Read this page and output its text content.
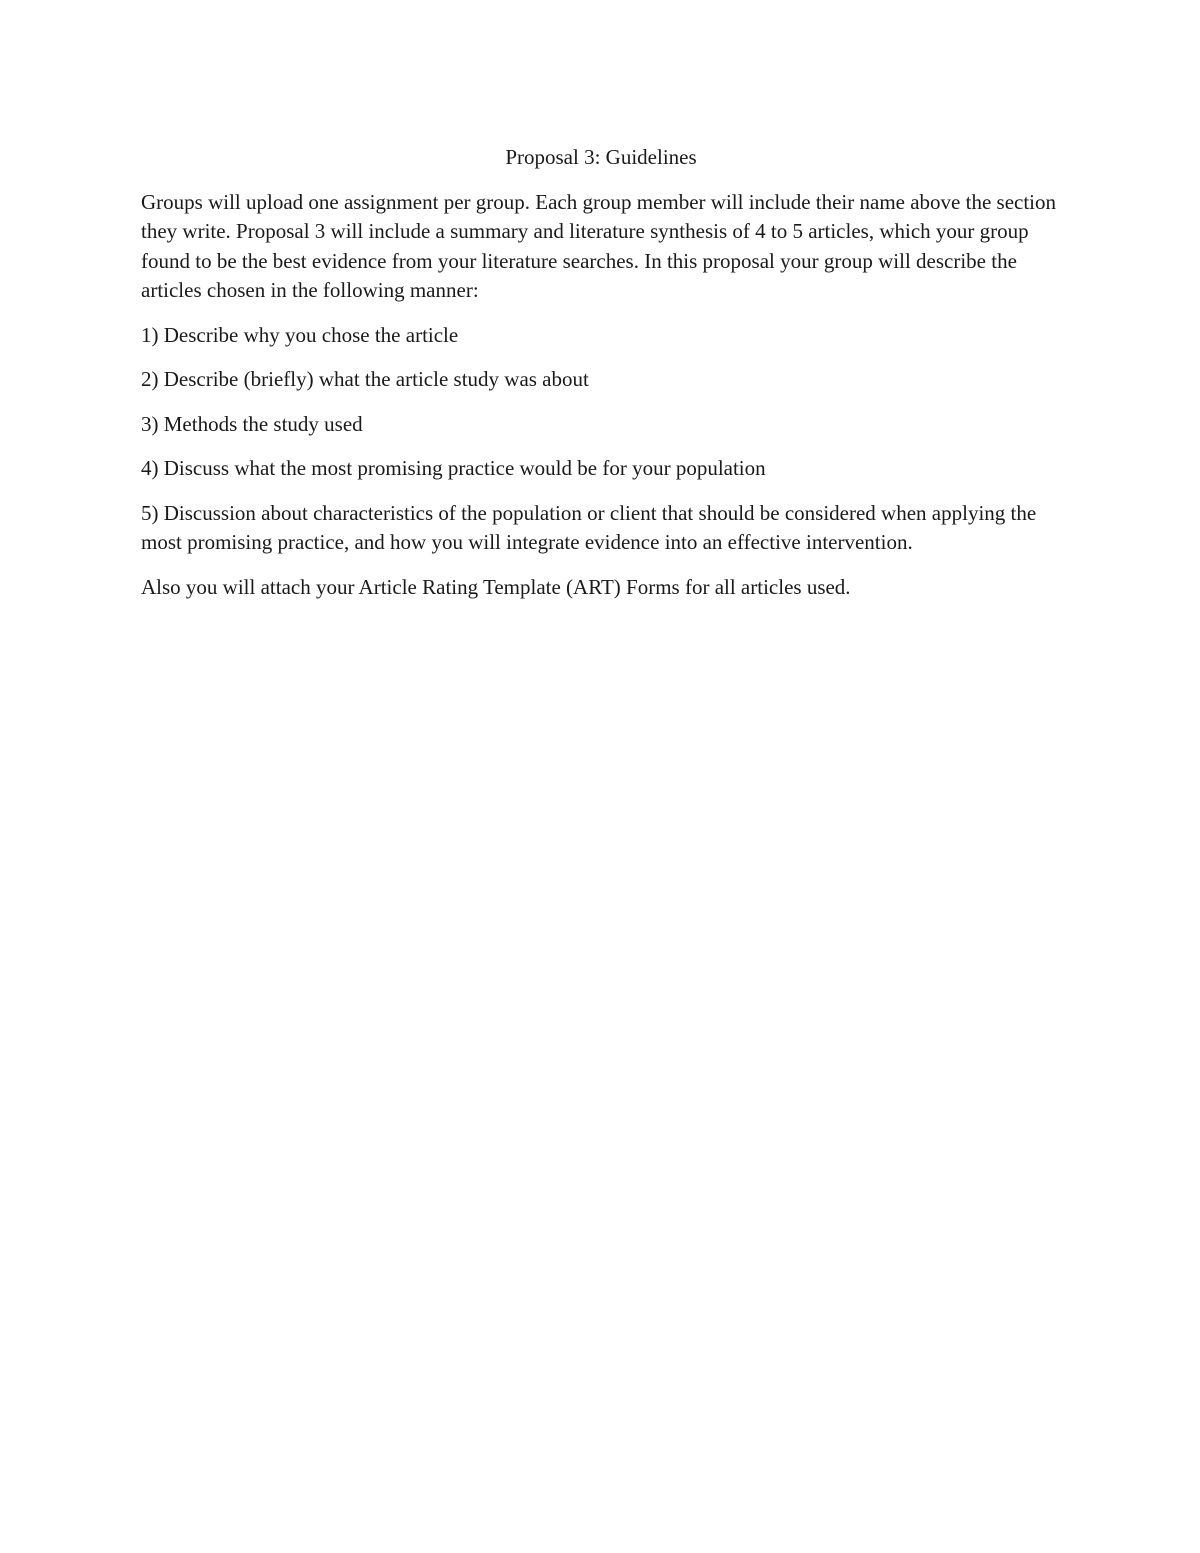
Proposal 3: Guidelines

Groups will upload one assignment per group. Each group member will include their name above the section they write. Proposal 3 will include a summary and literature synthesis of 4 to 5 articles, which your group found to be the best evidence from your literature searches. In this proposal your group will describe the articles chosen in the following manner:

1) Describe why you chose the article

2) Describe (briefly) what the article study was about

3) Methods the study used

4) Discuss what the most promising practice would be for your population

5) Discussion about characteristics of the population or client that should be considered when applying the most promising practice, and how you will integrate evidence into an effective intervention.

Also you will attach your Article Rating Template (ART) Forms for all articles used.
